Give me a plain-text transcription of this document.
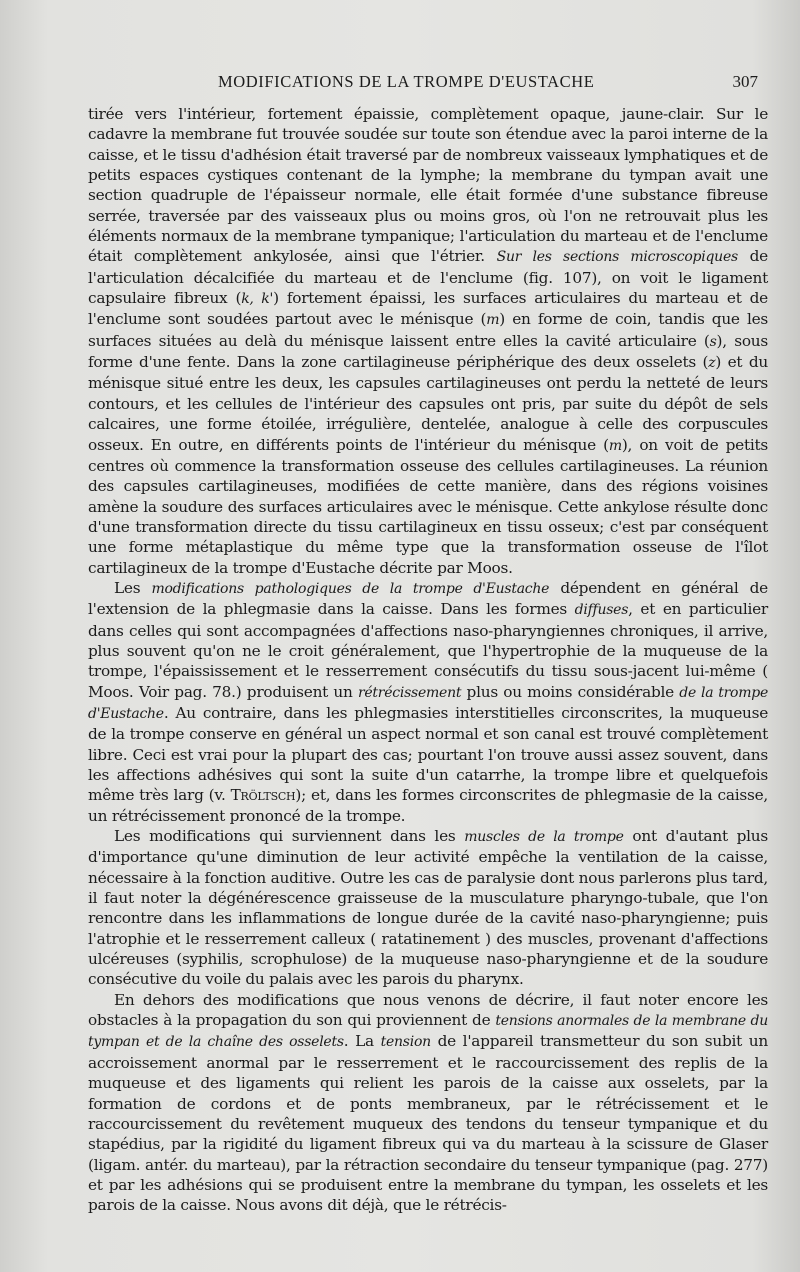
MODIFICATIONS DE LA TROMPE D'EUSTACHE	307

tirée vers l'intérieur, fortement épaissie, complètement opaque, jaune-clair. Sur le cadavre la membrane fut trouvée soudée sur toute son étendue avec la paroi interne de la caisse, et le tissu d'adhésion était traversé par de nombreux vaisseaux lymphatiques et de petits espaces cystiques contenant de la lymphe; la membrane du tympan avait une section quadruple de l'épaisseur normale, elle était formée d'une substance fibreuse serrée, traversée par des vaisseaux plus ou moins gros, où l'on ne retrouvait plus les éléments normaux de la membrane tympanique; l'articulation du marteau et de l'enclume était complètement ankylosée, ainsi que l'étrier. Sur les sections microscopiques de l'articulation décalcifiée du marteau et de l'enclume (fig. 107), on voit le ligament capsulaire fibreux (k, k') fortement épaissi, les surfaces articulaires du marteau et de l'enclume sont soudées partout avec le ménisque (m) en forme de coin, tandis que les surfaces situées au delà du ménisque laissent entre elles la cavité articulaire (s), sous forme d'une fente. Dans la zone cartilagineuse périphérique des deux osselets (z) et du ménisque situé entre les deux, les capsules cartilagineuses ont perdu la netteté de leurs contours, et les cellules de l'intérieur des capsules ont pris, par suite du dépôt de sels calcaires, une forme étoilée, irrégulière, dentelée, analogue à celle des corpuscules osseux. En outre, en différents points de l'intérieur du ménisque (m), on voit de petits centres où commence la transformation osseuse des cellules cartilagineuses. La réunion des capsules cartilagineuses, modifiées de cette manière, dans des régions voisines amène la soudure des surfaces articulaires avec le ménisque. Cette ankylose résulte donc d'une transformation directe du tissu cartilagineux en tissu osseux; c'est par conséquent une forme métaplastique du même type que la transformation osseuse de l'îlot cartilagineux de la trompe d'Eustache décrite par Moos.

Les modifications pathologiques de la trompe d'Eustache dépendent en général de l'extension de la phlegmasie dans la caisse. Dans les formes diffuses, et en particulier dans celles qui sont accompagnées d'affections naso-pharyngiennes chroniques, il arrive, plus souvent qu'on ne le croit généralement, que l'hypertrophie de la muqueuse de la trompe, l'épaississement et le resserrement consécutifs du tissu sous-jacent lui-même ( Moos. Voir pag. 78.) produisent un rétrécissement plus ou moins considérable de la trompe d'Eustache. Au contraire, dans les phlegmasies interstitielles circonscrites, la muqueuse de la trompe conserve en général un aspect normal et son canal est trouvé complètement libre. Ceci est vrai pour la plupart des cas; pourtant l'on trouve aussi assez souvent, dans les affections adhésives qui sont la suite d'un catarrhe, la trompe libre et quelquefois même très larg (v. Tröltsch); et, dans les formes circonscrites de phlegmasie de la caisse, un rétrécissement prononcé de la trompe.

Les modifications qui surviennent dans les muscles de la trompe ont d'autant plus d'importance qu'une diminution de leur activité empêche la ventilation de la caisse, nécessaire à la fonction auditive. Outre les cas de paralysie dont nous parlerons plus tard, il faut noter la dégénérescence graisseuse de la musculature pharyngo-tubale, que l'on rencontre dans les inflammations de longue durée de la cavité naso-pharyngienne; puis l'atrophie et le resserrement calleux ( ratatinement ) des muscles, provenant d'affections ulcéreuses (syphilis, scrophulose) de la muqueuse naso-pharyngienne et de la soudure consécutive du voile du palais avec les parois du pharynx.

En dehors des modifications que nous venons de décrire, il faut noter encore les obstacles à la propagation du son qui proviennent de tensions anormales de la membrane du tympan et de la chaîne des osselets. La tension de l'appareil transmetteur du son subit un accroissement anormal par le resserrement et le raccourcissement des replis de la muqueuse et des ligaments qui relient les parois de la caisse aux osselets, par la formation de cordons et de ponts membraneux, par le rétrécissement et le raccourcissement du revêtement muqueux des tendons du tenseur tympanique et du stapédius, par la rigidité du ligament fibreux qui va du marteau à la scissure de Glaser (ligam. antér. du marteau), par la rétraction secondaire du tenseur tympanique (pag. 277) et par les adhésions qui se produisent entre la membrane du tympan, les osselets et les parois de la caisse. Nous avons dit déjà, que le rétrécis-
